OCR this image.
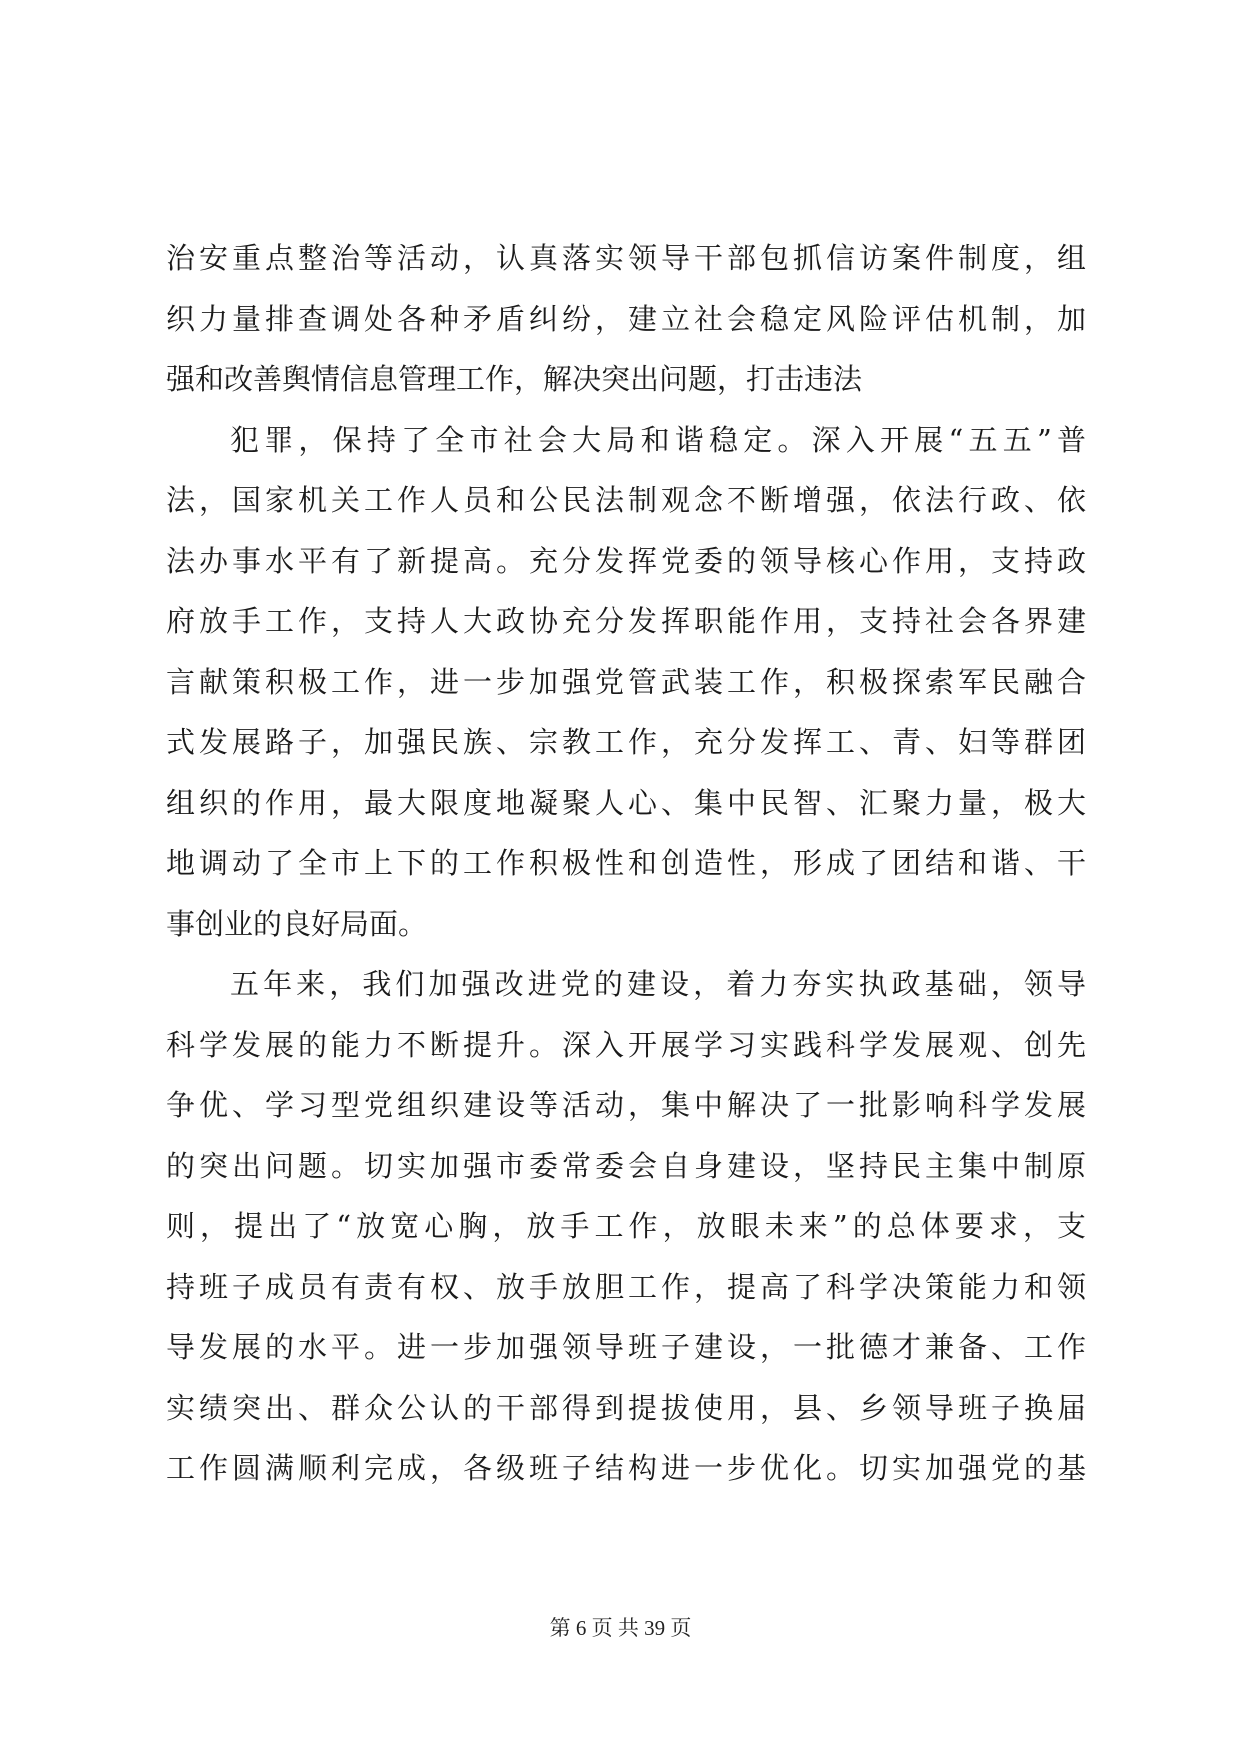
治安重点整治等活动，认真落实领导干部包抓信访案件制度，组
织力量排查调处各种矛盾纠纷，建立社会稳定风险评估机制，加
强和改善舆情信息管理工作，解决突出问题，打击违法
犯罪，保持了全市社会大局和谐稳定。深入开展“五五”普
法，国家机关工作人员和公民法制观念不断增强，依法行政、依
法办事水平有了新提高。充分发挥党委的领导核心作用，支持政
府放手工作，支持人大政协充分发挥职能作用，支持社会各界建
言献策积极工作，进一步加强党管武装工作，积极探索军民融合
式发展路子，加强民族、宗教工作，充分发挥工、青、妇等群团
组织的作用，最大限度地凝聚人心、集中民智、汇聚力量，极大
地调动了全市上下的工作积极性和创造性，形成了团结和谐、干
事创业的良好局面。
五年来，我们加强改进党的建设，着力夯实执政基础，领导
科学发展的能力不断提升。深入开展学习实践科学发展观、创先
争优、学习型党组织建设等活动，集中解决了一批影响科学发展
的突出问题。切实加强市委常委会自身建设，坚持民主集中制原
则，提出了“放宽心胸，放手工作，放眼未来”的总体要求，支
持班子成员有责有权、放手放胆工作，提高了科学决策能力和领
导发展的水平。进一步加强领导班子建设，一批德才兼备、工作
实绩突出、群众公认的干部得到提拔使用，县、乡领导班子换届
工作圆满顺利完成，各级班子结构进一步优化。切实加强党的基
第 6 页 共 39 页
